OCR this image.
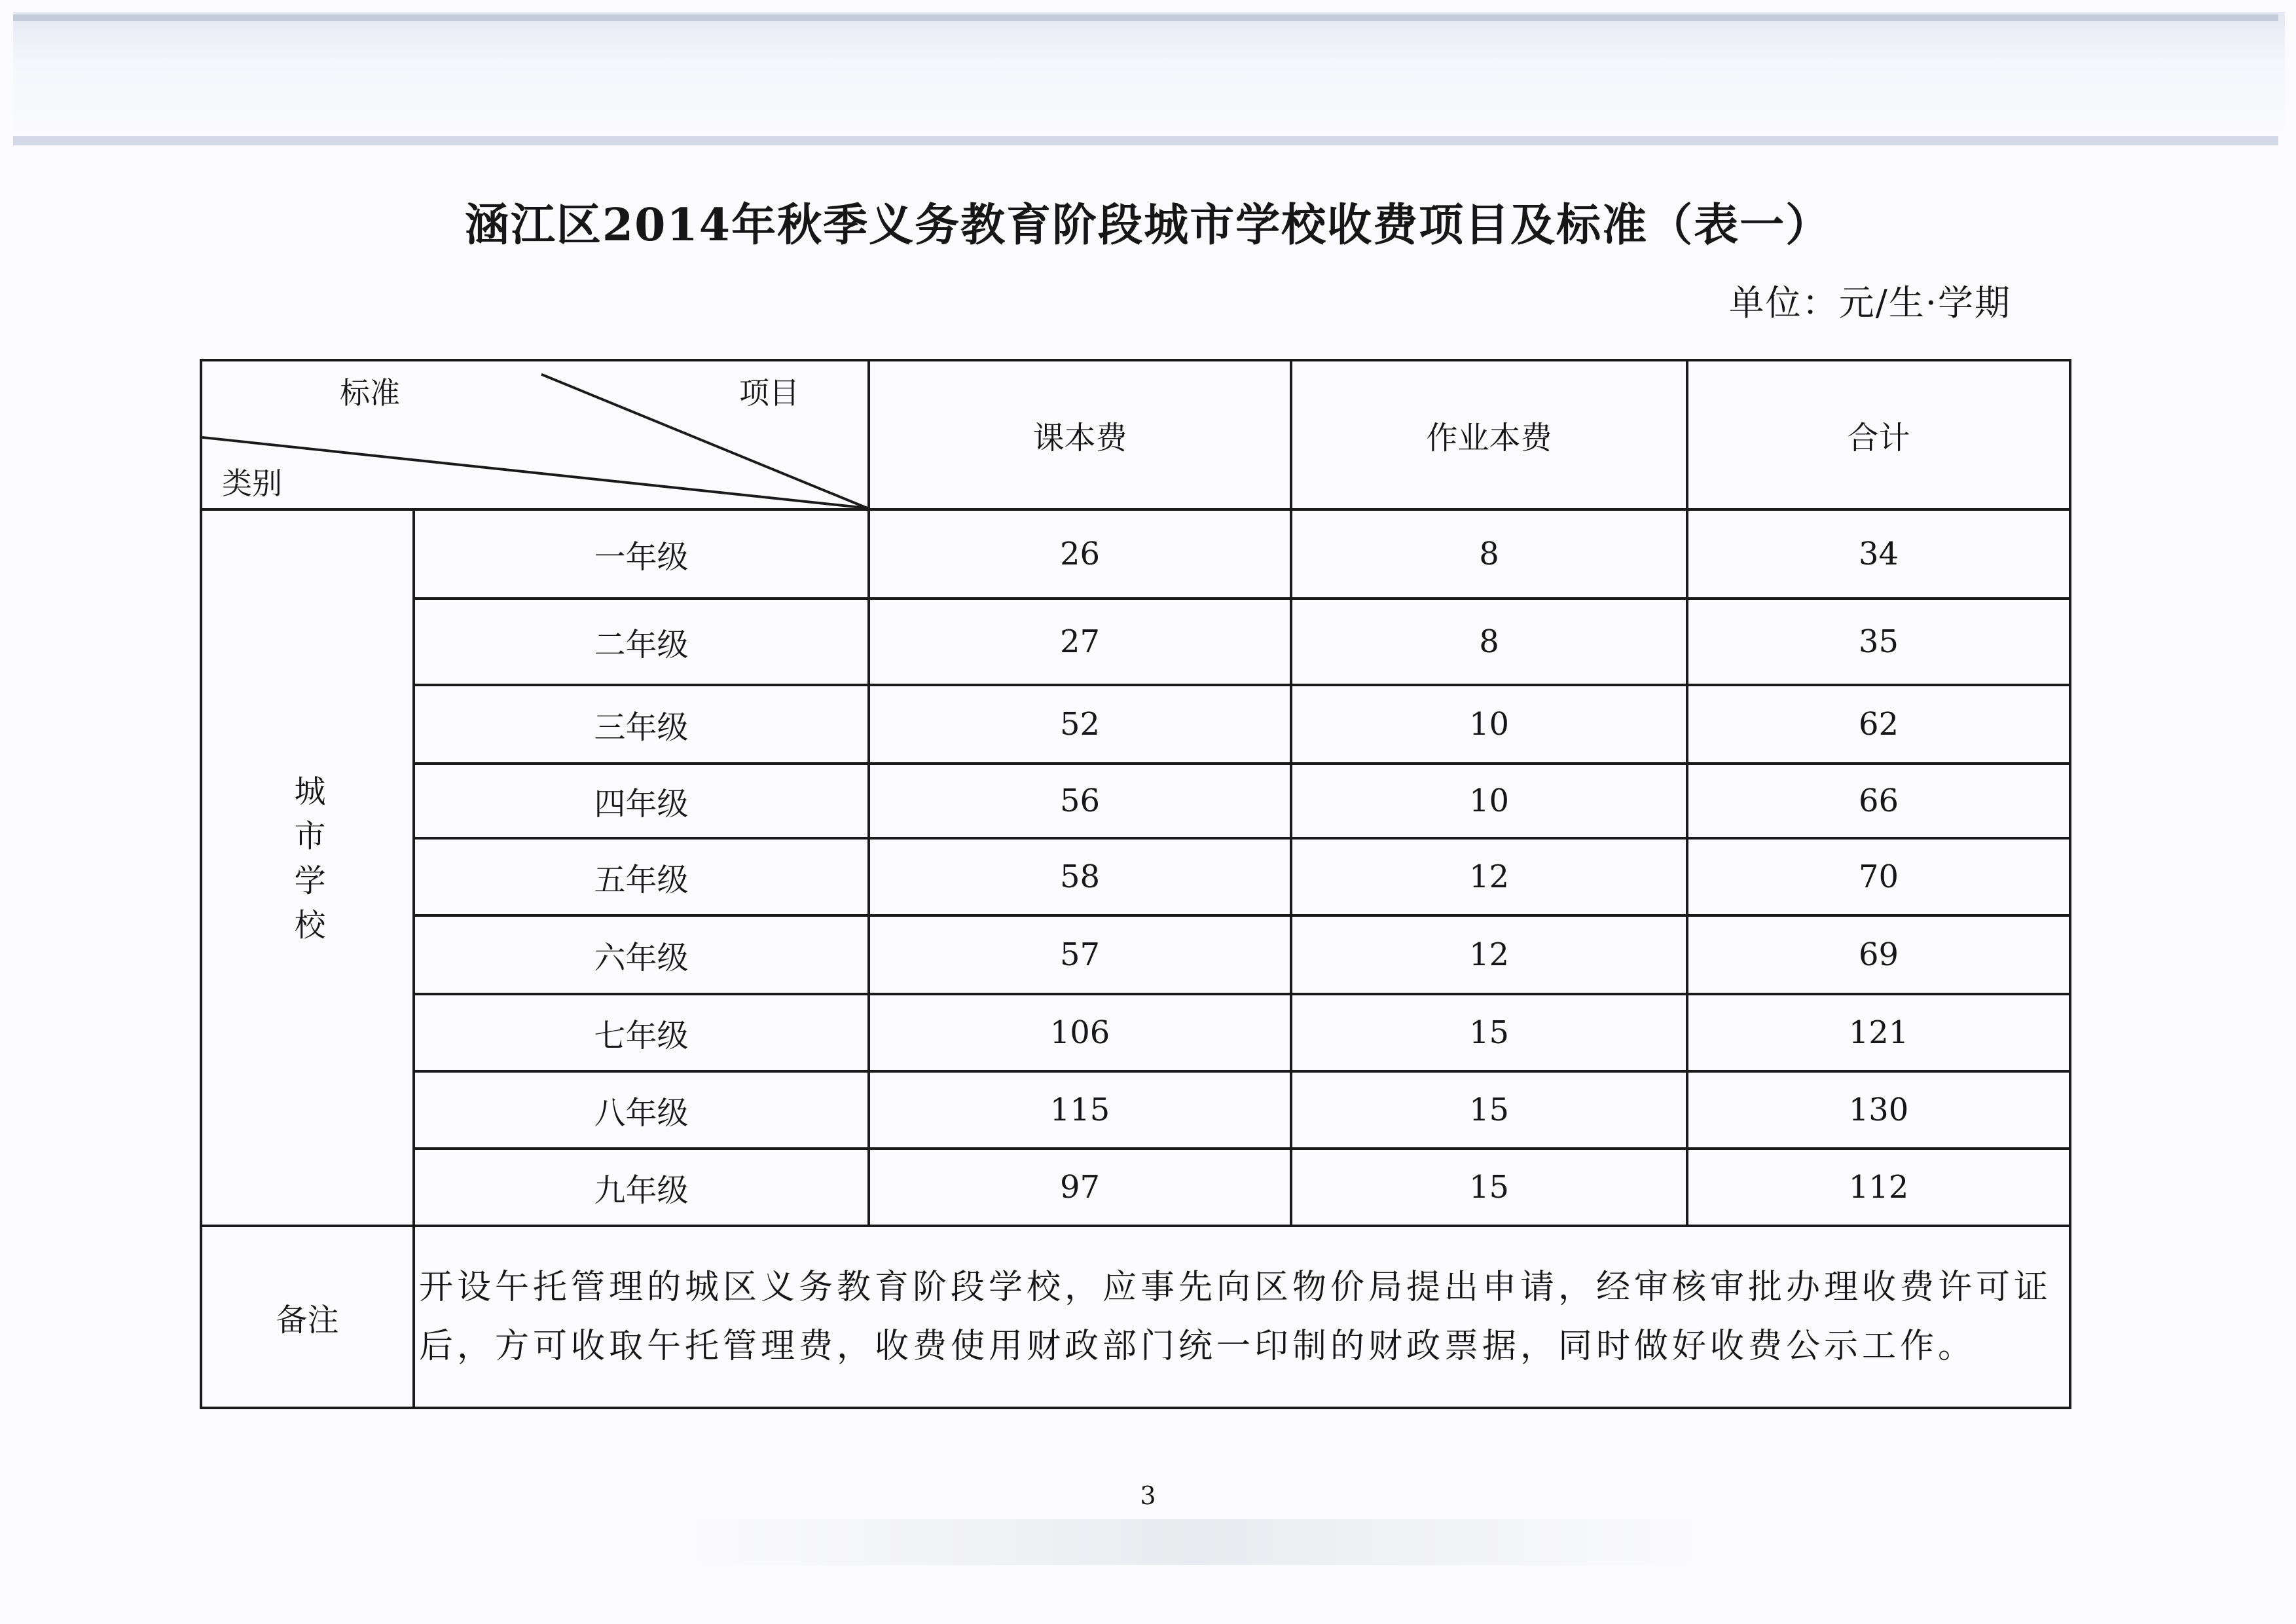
涵江区2014年秋季义务教育阶段城市学校收费项目及标准（表一）
单位：元/生·学期
标准 项目
类别		课本费	作业本费	合计
城市学校	一年级	26	8	34
	二年级	27	8	35
	三年级	52	10	62
	四年级	56	10	66
	五年级	58	12	70
	六年级	57	12	69
	七年级	106	15	121
	八年级	115	15	130
	九年级	97	15	112
备注	开设午托管理的城区义务教育阶段学校，应事先向区物价局提出申请，经审核审批办理收费许可证后，方可收取午托管理费，收费使用财政部门统一印制的财政票据，同时做好收费公示工作。			
3
